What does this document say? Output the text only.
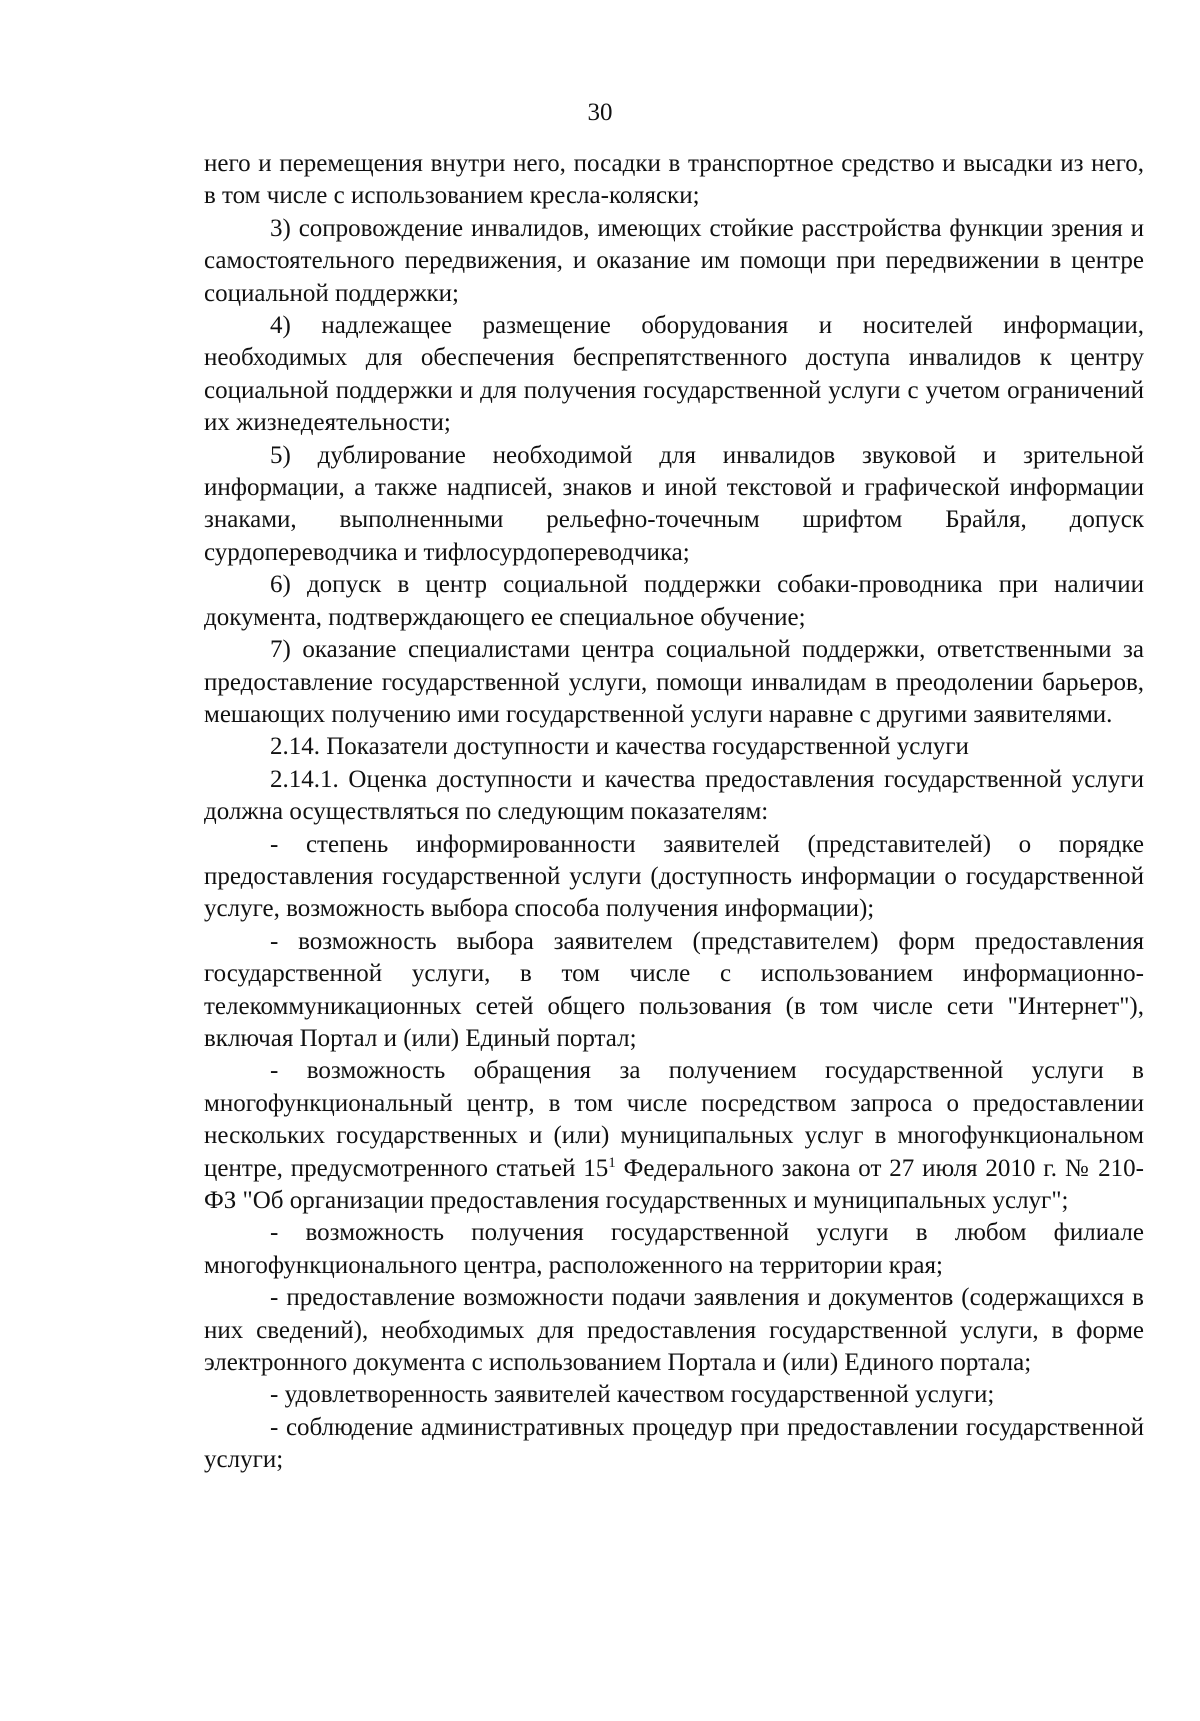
30

него и перемещения внутри него, посадки в транспортное средство и высадки из него, в том числе с использованием кресла-коляски;

3) сопровождение инвалидов, имеющих стойкие расстройства функции зрения и самостоятельного передвижения, и оказание им помощи при передвижении в центре социальной поддержки;

4) надлежащее размещение оборудования и носителей информации, необходимых для обеспечения беспрепятственного доступа инвалидов к центру социальной поддержки и для получения государственной услуги с учетом ограничений их жизнедеятельности;

5) дублирование необходимой для инвалидов звуковой и зрительной информации, а также надписей, знаков и иной текстовой и графической информации знаками, выполненными рельефно-точечным шрифтом Брайля, допуск сурдопереводчика и тифлосурдопереводчика;

6) допуск в центр социальной поддержки собаки-проводника при наличии документа, подтверждающего ее специальное обучение;

7) оказание специалистами центра социальной поддержки, ответственными за предоставление государственной услуги, помощи инвалидам в преодолении барьеров, мешающих получению ими государственной услуги наравне с другими заявителями.

2.14. Показатели доступности и качества государственной услуги

2.14.1. Оценка доступности и качества предоставления государственной услуги должна осуществляться по следующим показателям:

- степень информированности заявителей (представителей) о порядке предоставления государственной услуги (доступность информации о государственной услуге, возможность выбора способа получения информации);

- возможность выбора заявителем (представителем) форм предоставления государственной услуги, в том числе с использованием информационно-телекоммуникационных сетей общего пользования (в том числе сети "Интернет"), включая Портал и (или) Единый портал;

- возможность обращения за получением государственной услуги в многофункциональный центр, в том числе посредством запроса о предоставлении нескольких государственных и (или) муниципальных услуг в многофункциональном центре, предусмотренного статьей $15^1$ Федерального закона от 27 июля 2010 г. № 210-ФЗ "Об организации предоставления государственных и муниципальных услуг";

- возможность получения государственной услуги в любом филиале многофункционального центра, расположенного на территории края;

- предоставление возможности подачи заявления и документов (содержащихся в них сведений), необходимых для предоставления государственной услуги, в форме электронного документа с использованием Портала и (или) Единого портала;

- удовлетворенность заявителей качеством государственной услуги;

- соблюдение административных процедур при предоставлении государственной услуги;
